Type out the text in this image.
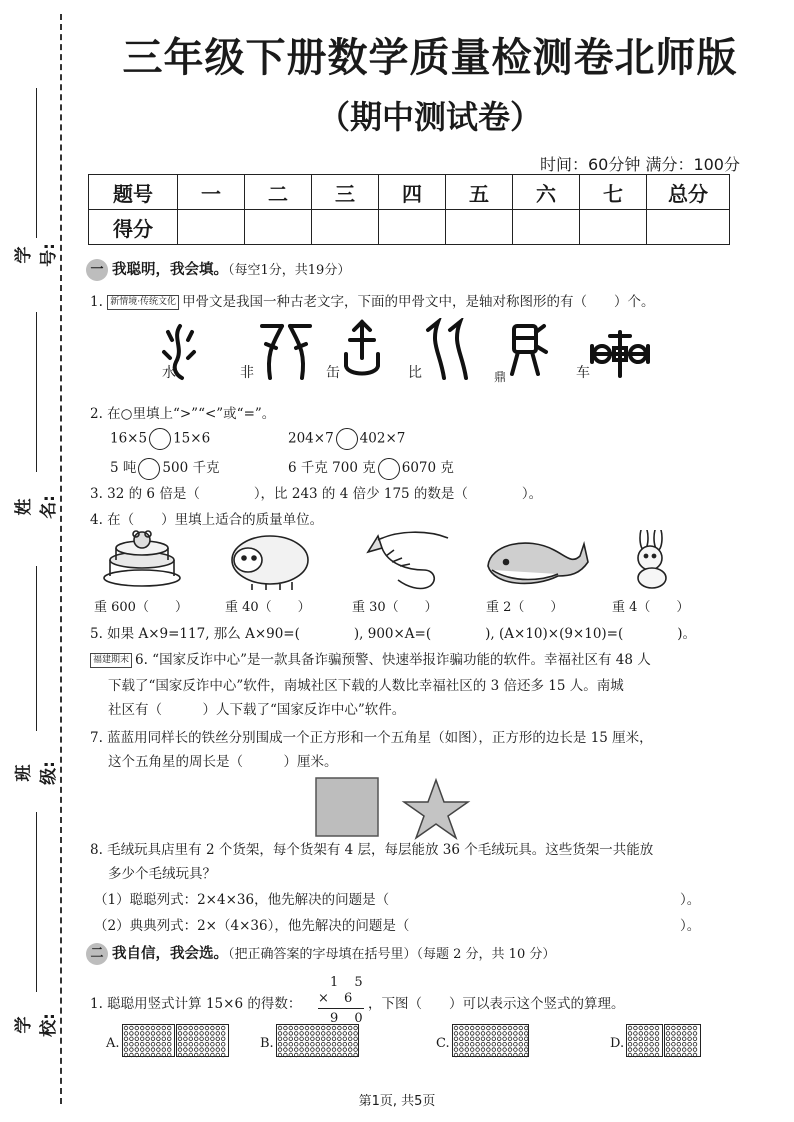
学号:
姓名:
班级:
学校:
三年级下册数学质量检测卷北师版
（期中测试卷）
时间：60分钟 满分：100分
题号	一	二	三	四	五	六	七	总分
得分								
一 我聪明，我会填。（每空1分，共19分）
1. 新情境·传统文化 甲骨文是我国一种古老文字，下面的甲骨文中，是轴对称图形的有（　　）个。
水	非	缶	比	鼎	车
2. 在○里填上“>”“<”或“=”。
16×5 15×6	204×7 402×7
5 吨 500 千克	6 千克 700 克 6070 克
3. 32 的 6 倍是（　　　　），比 243 的 4 倍少 175 的数是（　　　　）。
4. 在（　　）里填上适合的质量单位。
重 600（　　）	重 40（　　）	重 30（　　）	重 2（　　）	重 4（　　）
5. 如果 A×9=117, 那么 A×90=(　　　　), 900×A=(　　　　), (A×10)×(9×10)=(　　　　)。
福建期末 6. “国家反诈中心”是一款具备诈骗预警、快速举报诈骗功能的软件。幸福社区有 48 人
下载了“国家反诈中心”软件，南城社区下载的人数比幸福社区的 3 倍还多 15 人。南城
社区有（　　　）人下载了“国家反诈中心”软件。
7. 蓝蓝用同样长的铁丝分别围成一个正方形和一个五角星（如图），正方形的边长是 15 厘米，
这个五角星的周长是（　　　）厘米。
8. 毛绒玩具店里有 2 个货架，每个货架有 4 层，每层能放 36 个毛绒玩具。这些货架一共能放
多少个毛绒玩具？
（1）聪聪列式：2×4×36，他先解决的问题是（	）。
（2）典典列式：2×（4×36），他先解决的问题是（	）。
二 我自信，我会选。（把正确答案的字母填在括号里）（每题 2 分，共 10 分）
1. 聪聪用竖式计算 15×6 的得数：
1 5
× 6
9 0
，下图（　　）可以表示这个竖式的算理。
A.	B.	C.	D.
第1页, 共5页
